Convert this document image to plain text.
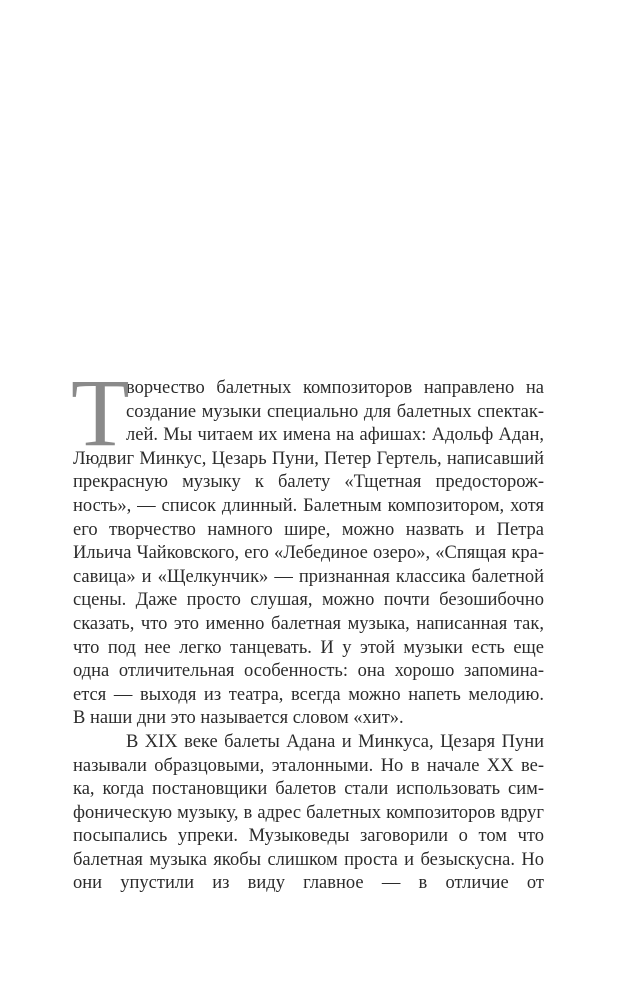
Т
ворчество балетных композиторов направлено на
создание музыки специально для балетных спектак-
лей. Мы читаем их имена на афишах: Адольф Адан,
Людвиг Минкус, Цезарь Пуни, Петер Гертель, написавший
прекрасную музыку к балету «Тщетная предосторож-
ность», — список длинный. Балетным композитором, хотя
его творчество намного шире, можно назвать и Петра
Ильича Чайковского, его «Лебединое озеро», «Спящая кра-
савица» и «Щелкунчик» — признанная классика балетной
сцены. Даже просто слушая, можно почти безошибочно
сказать, что это именно балетная музыка, написанная так,
что под нее легко танцевать. И у этой музыки есть еще
одна отличительная особенность: она хорошо запомина-
ется — выходя из театра, всегда можно напеть мелодию.
В наши дни это называется словом «хит».
В XIX веке балеты Адана и Минкуса, Цезаря Пуни
называли образцовыми, эталонными. Но в начале XX ве-
ка, когда постановщики балетов стали использовать сим-
фоническую музыку, в адрес балетных композиторов вдруг
посыпались упреки. Музыковеды заговорили о том что
балетная музыка якобы слишком проста и безыскусна. Но
они упустили из виду главное — в отличие от
